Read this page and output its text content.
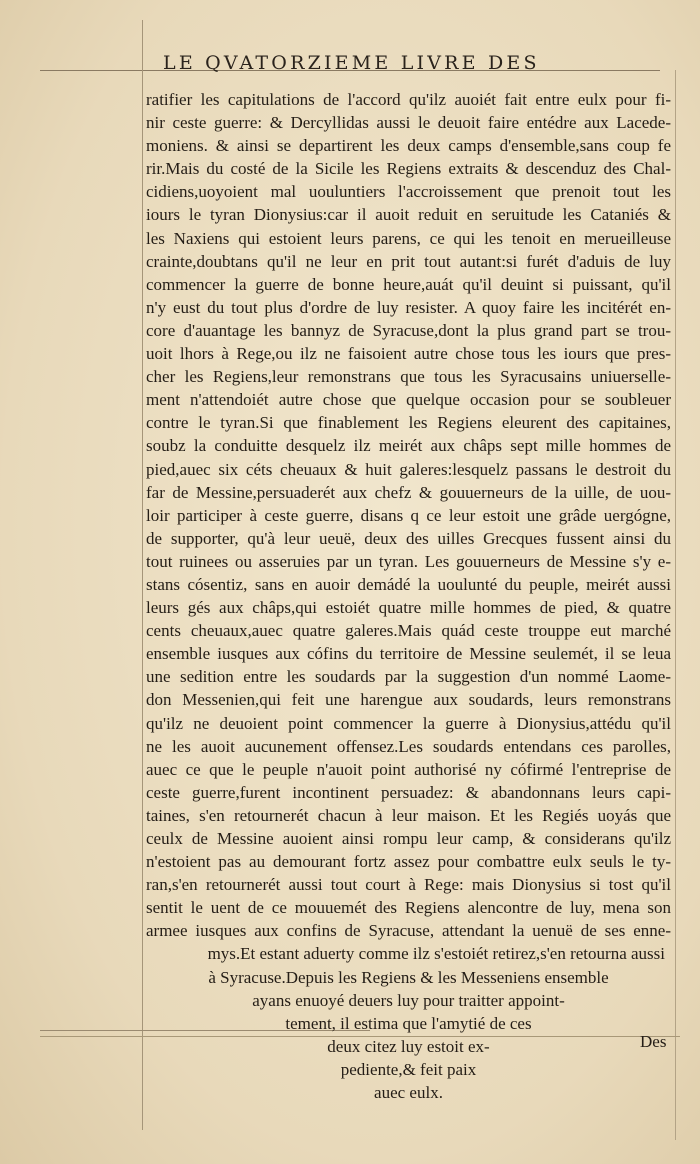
LE QVATORZIEME LIVRE DES
ratifier les capitulations de l'accord qu'ilz auoiét fait entre eulx pour fi-
nir ceste guerre: & Dercyllidas aussi le deuoit faire entédre aux Lacede-
moniens. & ainsi se departirent les deux camps d'ensemble,sans coup fe
rir.Mais du costé de la Sicile les Regiens extraits & descenduz des Chal-
cidiens,uoyoient mal uouluntiers l'accroissement que prenoit tout les
iours le tyran Dionysius:car il auoit reduit en seruitude les Cataniés &
les Naxiens qui estoient leurs parens, ce qui les tenoit en merueilleuse
crainte,doubtans qu'il ne leur en prit tout autant:si furét d'aduis de luy
commencer la guerre de bonne heure,auát qu'il deuint si puissant, qu'il
n'y eust du tout plus d'ordre de luy resister. A quoy faire les incitérét en-
core d'auantage les bannyz de Syracuse,dont la plus grand part se trou-
uoit lhors à Rege,ou ilz ne faisoient autre chose tous les iours que pres-
cher les Regiens,leur remonstrans que tous les Syracusains uniuerselle-
ment n'attendoiét autre chose que quelque occasion pour se soubleuer
contre le tyran.Si que finablement les Regiens eleurent des capitaines,
soubz la conduitte desquelz ilz meirét aux châps sept mille hommes de
pied,auec six céts cheuaux & huit galeres:lesquelz passans le destroit du
far de Messine,persuaderét aux chefz & gouuerneurs de la uille, de uou-
loir participer à ceste guerre, disans q ce leur estoit une grâde uergógne,
de supporter, qu'à leur ueuë, deux des uilles Grecques fussent ainsi du
tout ruinees ou asseruies par un tyran. Les gouuerneurs de Messine s'y e-
stans cósentiz, sans en auoir demádé la uoulunté du peuple, meirét aussi
leurs gés aux châps,qui estoiét quatre mille hommes de pied, & quatre
cents cheuaux,auec quatre galeres.Mais quád ceste trouppe eut marché
ensemble iusques aux cófins du territoire de Messine seulemét, il se leua
une sedition entre les soudards par la suggestion d'un nommé Laome-
don Messenien,qui feit une harengue aux soudards, leurs remonstrans
qu'ilz ne deuoient point commencer la guerre à Dionysius,attédu qu'il
ne les auoit aucunement offensez.Les soudards entendans ces parolles,
auec ce que le peuple n'auoit point authorisé ny cófirmé l'entreprise de
ceste guerre,furent incontinent persuadez: & abandonnans leurs capi-
taines, s'en retournerét chacun à leur maison. Et les Regiés uoyás que
ceulx de Messine auoient ainsi rompu leur camp, & considerans qu'ilz
n'estoient pas au demourant fortz assez pour combattre eulx seuls le ty-
ran,s'en retournerét aussi tout court à Rege: mais Dionysius si tost qu'il
sentit le uent de ce mouuemét des Regiens alencontre de luy, mena son
armee iusques aux confins de Syracuse, attendant la uenuë de ses enne-
mys.Et estant aduerty comme ilz s'estoiét retirez,s'en retourna aussi
à Syracuse.Depuis les Regiens & les Messeniens ensemble
ayans enuoyé deuers luy pour traitter appoint-
tement, il estima que l'amytié de ces
deux citez luy estoit ex-
pediente,& feit paix
auec eulx.
Des
